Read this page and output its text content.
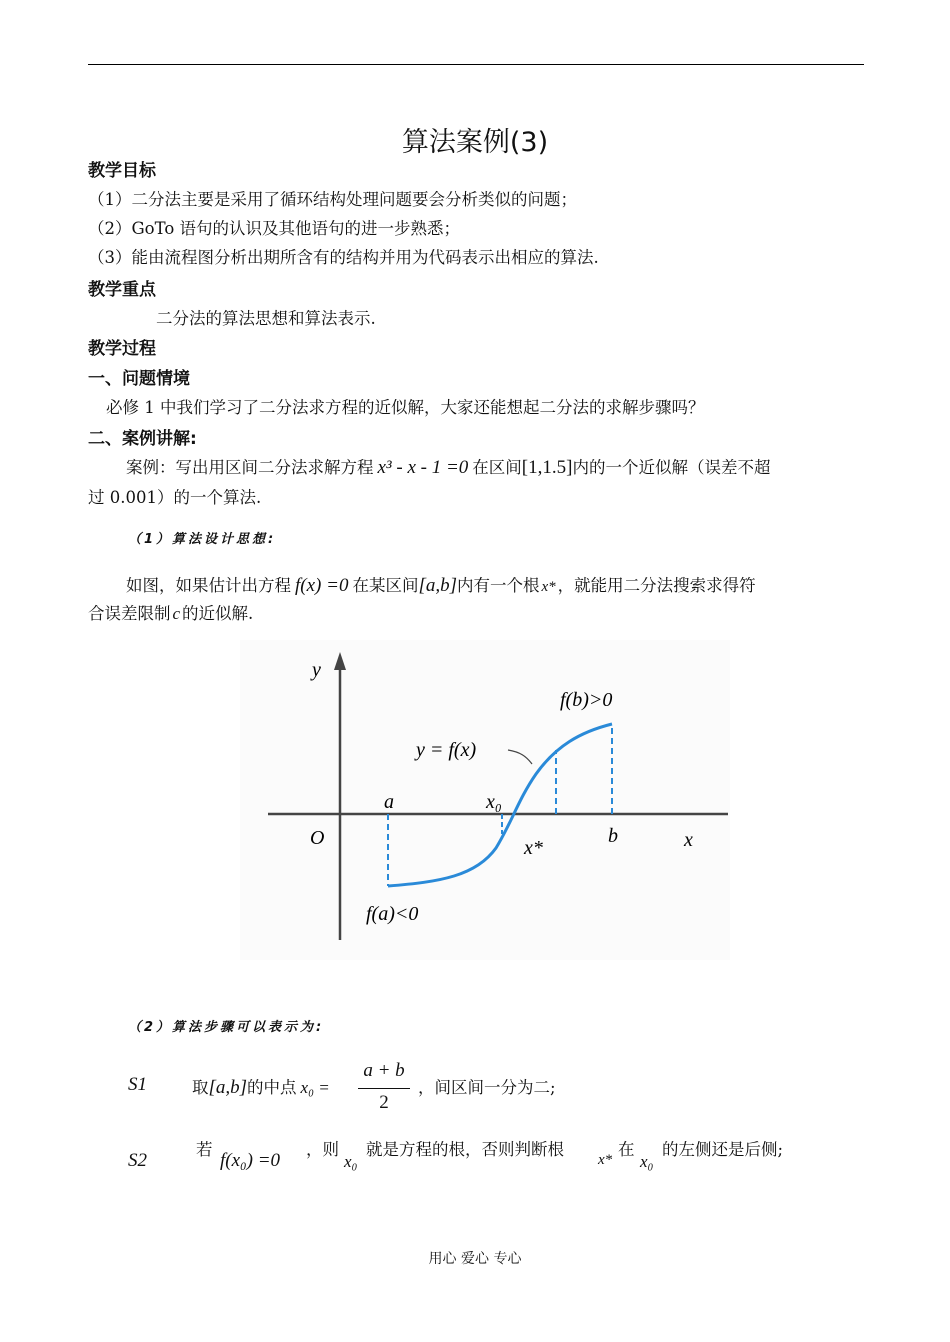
算法案例(3)
教学目标
（1）二分法主要是采用了循环结构处理问题要会分析类似的问题；
（2）GoTo 语句的认识及其他语句的进一步熟悉；
（3）能由流程图分析出期所含有的结构并用为代码表示出相应的算法.
教学重点
二分法的算法思想和算法表示.
教学过程
一、问题情境
必修 1 中我们学习了二分法求方程的近似解，大家还能想起二分法的求解步骤吗？
二、案例讲解:
案例：写出用区间二分法求解方程 x³ - x - 1 =0 在区间[1,1.5]内的一个近似解（误差不超
过 0.001）的一个算法.
（1）算法设计思想:
如图，如果估计出方程 f(x) =0 在某区间[a,b]内有一个根 x* ，就能用二分法搜索求得符
合误差限制 c 的近似解.
y
x
O
a
b
x₀
x*
y = f(x)
f(b)>0
f(a)<0
（2）算法步骤可以表示为:
S1	取[a,b]的中点 x₀ =
a + b
2
，间区间一分为二;
S2
若
f(x₀) =0
，则
x₀
就是方程的根，否则判断根
x*
在
x₀
的左侧还是后侧;
用心 爱心 专心
